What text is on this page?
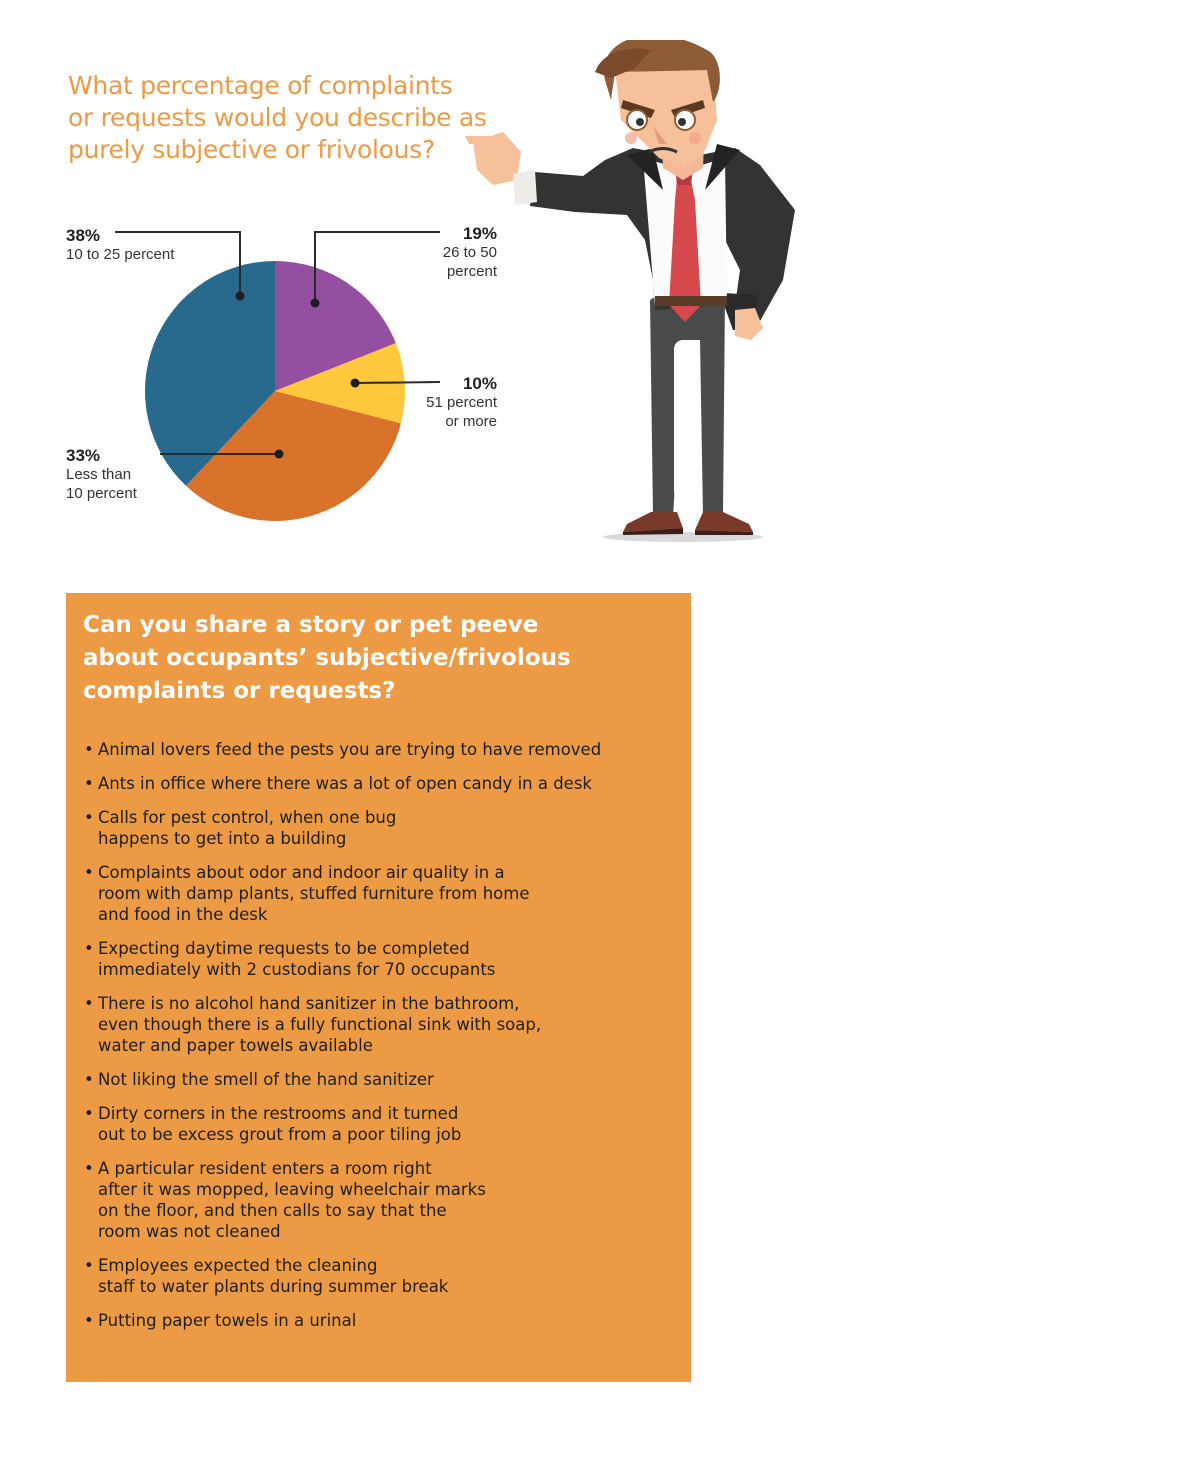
What percentage of complaints
or requests would you describe as
purely subjective or frivolous?
38%
10 to 25 percent
19%
26 to 50
percent
10%
51 percent
or more
33%
Less than
10 percent
Can you share a story or pet peeve
about occupants’ subjective/frivolous
complaints or requests?
• Animal lovers feed the pests you are trying to have removed
• Ants in office where there was a lot of open candy in a desk
• Calls for pest control, when one bug
happens to get into a building
• Complaints about odor and indoor air quality in a
room with damp plants, stuffed furniture from home
and food in the desk
• Expecting daytime requests to be completed
immediately with 2 custodians for 70 occupants
• There is no alcohol hand sanitizer in the bathroom,
even though there is a fully functional sink with soap,
water and paper towels available
• Not liking the smell of the hand sanitizer
• Dirty corners in the restrooms and it turned
out to be excess grout from a poor tiling job
• A particular resident enters a room right
after it was mopped, leaving wheelchair marks
on the floor, and then calls to say that the
room was not cleaned
• Employees expected the cleaning
staff to water plants during summer break
• Putting paper towels in a urinal
